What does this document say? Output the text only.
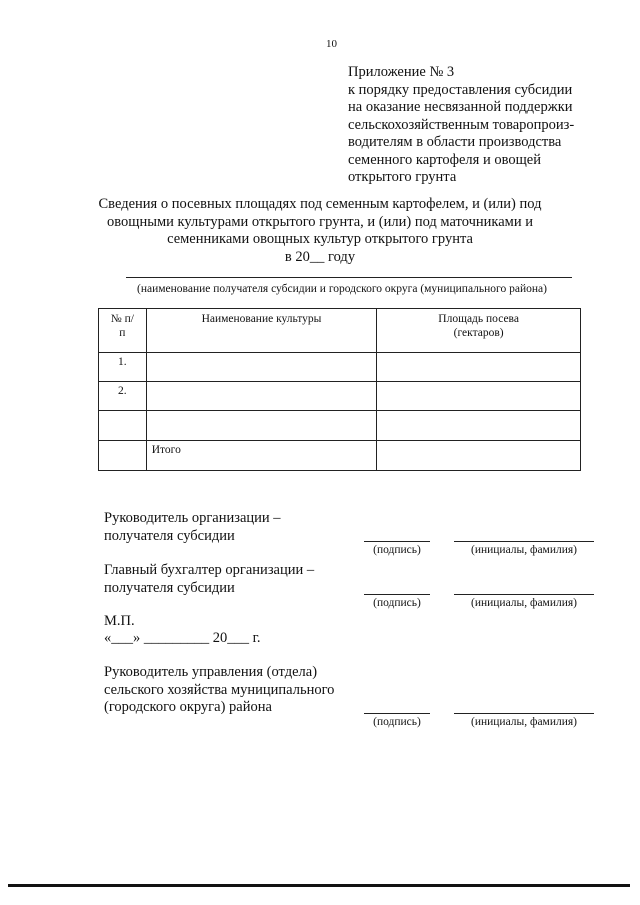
10
Приложение № 3
к порядку предоставления субсидии
на оказание несвязанной поддержки
сельскохозяйственным товаропроиз-
водителям в области производства
семенного картофеля и овощей
открытого грунта
Сведения о посевных площадях под семенным картофелем, и (или) под
овощными культурами открытого грунта, и (или) под маточниками и
семенниками овощных культур открытого грунта
в 20__ году
(наименование получателя субсидии и городского округа (муниципального района)
№ п/п	Наименование культуры	Площадь посева (гектаров)
1.		
2.		

	Итого	
Руководитель организации –
получателя субсидии
(подпись)	(инициалы, фамилия)
Главный бухгалтер организации –
получателя субсидии
(подпись)	(инициалы, фамилия)
М.П.
«___» _________ 20___ г.
Руководитель управления (отдела)
сельского хозяйства муниципального
(городского округа) района
(подпись)	(инициалы, фамилия)
